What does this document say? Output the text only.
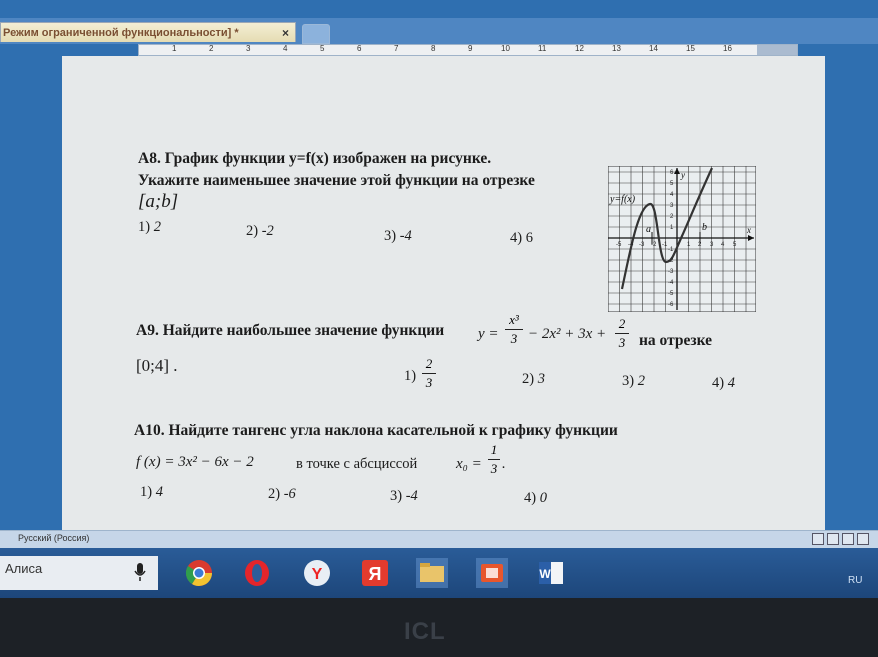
Режим ограниченной функциональности] *	×
1	2	3	4	5	6	7	8	9	10	11	12	13	14	15	16
А8. График функции y=f(x) изображен на рисунке.
Укажите наименьшее значение этой функции на отрезке
[a;b]
1) 2	2) -2	3) -4	4) 6
y=f(x)
y
x
a	b
6
5
4
3
2
1
-1
-2
-3
-4
-5
-6
-5 -4 -3 -2 -1	1 2 3 4 5
А9. Найдите наибольшее значение функции y =
x³
3 − 2x² + 3x +
2
3 на отрезке
[0;4] .
1)
2
3	2) 3	3) 2	4) 4
А10. Найдите тангенс угла наклона касательной к графику функции
f (x) = 3x² − 6x − 2	в точке с абсциссой	x₀ =
1
3 .
1) 4	2) -6	3) -4	4) 0
Русский (Россия)
Алиса	Y	Я	W	RU
ICL
